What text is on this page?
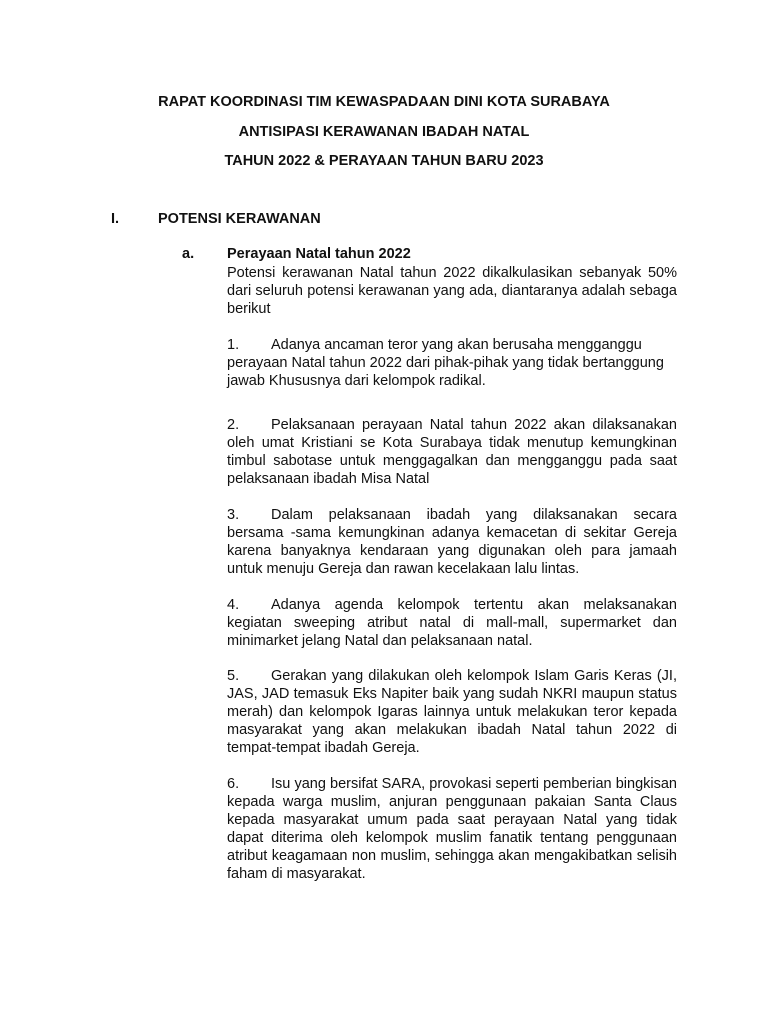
RAPAT KOORDINASI TIM KEWASPADAAN DINI KOTA SURABAYA
ANTISIPASI KERAWANAN IBADAH NATAL
TAHUN 2022 & PERAYAAN TAHUN BARU 2023
I.	POTENSI KERAWANAN
a. Perayaan Natal tahun 2022
Potensi kerawanan Natal tahun 2022 dikalkulasikan sebanyak 50% dari seluruh potensi kerawanan yang ada, diantaranya adalah sebaga berikut
1. Adanya ancaman teror yang akan berusaha mengganggu perayaan Natal tahun 2022 dari pihak-pihak yang tidak bertanggung jawab Khususnya dari kelompok radikal.
2. Pelaksanaan perayaan Natal tahun 2022 akan dilaksanakan oleh umat Kristiani se Kota Surabaya tidak menutup kemungkinan timbul sabotase untuk menggagalkan dan mengganggu pada saat pelaksanaan ibadah Misa Natal
3. Dalam pelaksanaan ibadah yang dilaksanakan secara bersama -sama kemungkinan adanya kemacetan di sekitar Gereja karena banyaknya kendaraan yang digunakan oleh para jamaah untuk menuju Gereja dan rawan kecelakaan lalu lintas.
4. Adanya agenda kelompok tertentu akan melaksanakan kegiatan sweeping atribut natal di mall-mall, supermarket dan minimarket jelang Natal dan pelaksanaan natal.
5. Gerakan yang dilakukan oleh kelompok Islam Garis Keras (JI, JAS, JAD temasuk Eks Napiter baik yang sudah NKRI maupun status merah) dan kelompok Igaras lainnya untuk melakukan teror kepada masyarakat yang akan melakukan ibadah Natal tahun 2022 di tempat-tempat ibadah Gereja.
6. Isu yang bersifat SARA, provokasi seperti pemberian bingkisan kepada warga muslim, anjuran penggunaan pakaian Santa Claus kepada masyarakat umum pada saat perayaan Natal yang tidak dapat diterima oleh kelompok muslim fanatik tentang penggunaan atribut keagamaan non muslim, sehingga akan mengakibatkan selisih faham di masyarakat.
